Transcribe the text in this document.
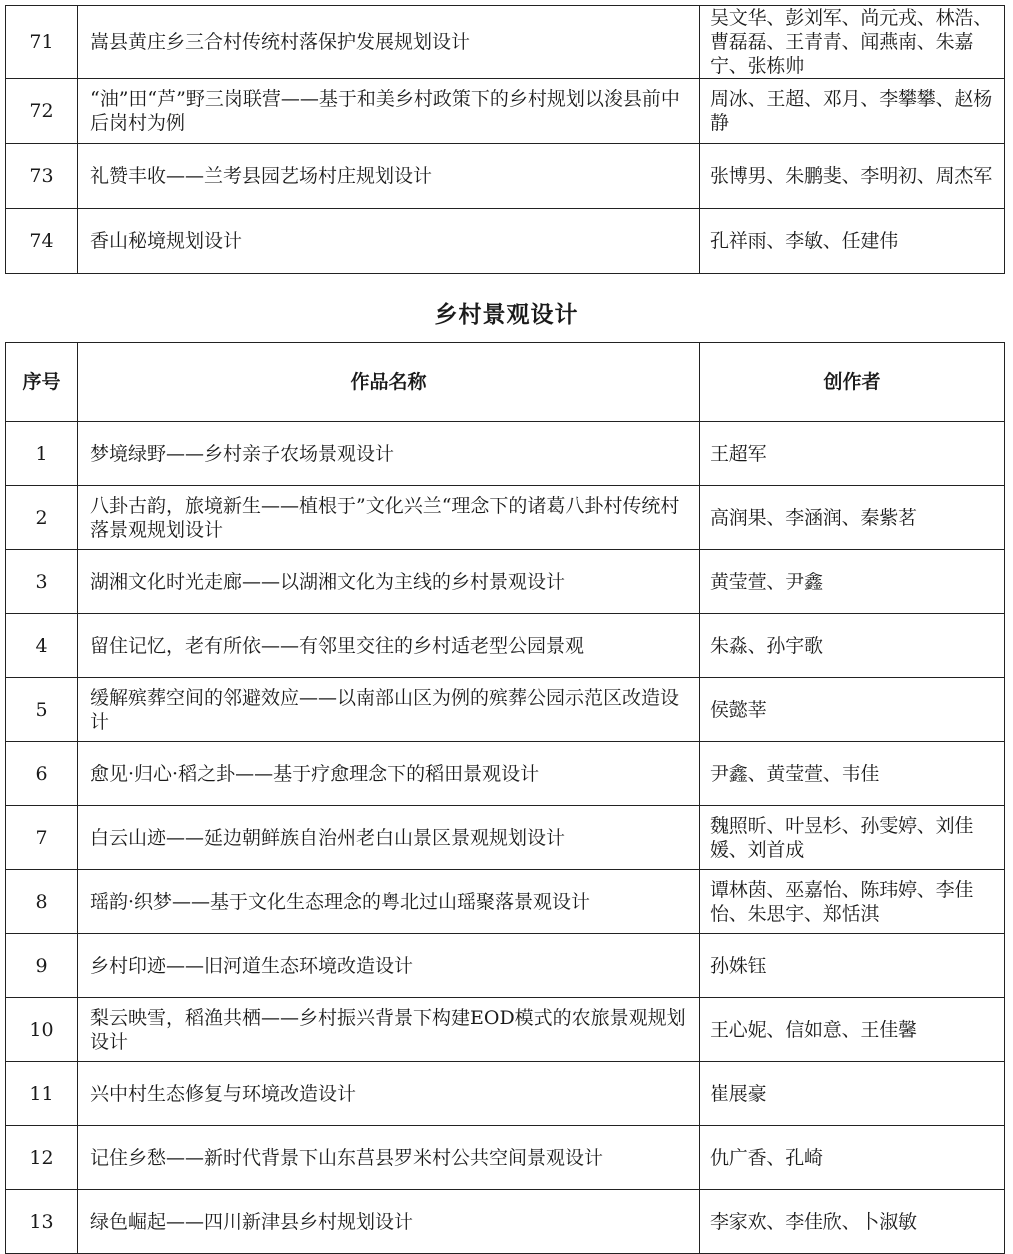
71	嵩县黄庄乡三合村传统村落保护发展规划设计	吴文华、彭刘军、尚元戎、林浩、曹磊磊、王青青、闻燕南、朱嘉宁、张栋帅
72	“油”田“芦”野三岗联营——基于和美乡村政策下的乡村规划以浚县前中后岗村为例	周冰、王超、邓月、李攀攀、赵杨静
73	礼赞丰收——兰考县园艺场村庄规划设计	张博男、朱鹏斐、李明初、周杰军
74	香山秘境规划设计	孔祥雨、李敏、任建伟
乡村景观设计
序号	作品名称	创作者
1	梦境绿野——乡村亲子农场景观设计	王超军
2	八卦古韵，旅境新生——植根于”文化兴兰“理念下的诸葛八卦村传统村落景观规划设计	高润果、李涵润、秦紫茗
3	湖湘文化时光走廊——以湖湘文化为主线的乡村景观设计	黄莹萱、尹鑫
4	留住记忆，老有所依——有邻里交往的乡村适老型公园景观	朱淼、孙宇歌
5	缓解殡葬空间的邻避效应——以南部山区为例的殡葬公园示范区改造设计	侯懿莘
6	愈见·归心·稻之卦——基于疗愈理念下的稻田景观设计	尹鑫、黄莹萱、韦佳
7	白云山迹——延边朝鲜族自治州老白山景区景观规划设计	魏照昕、叶昱杉、孙雯婷、刘佳媛、刘首成
8	瑶韵·织梦——基于文化生态理念的粤北过山瑶聚落景观设计	谭林茵、巫嘉怡、陈玮婷、李佳怡、朱思宇、郑恬淇
9	乡村印迹——旧河道生态环境改造设计	孙姝钰
10	梨云映雪，稻渔共栖——乡村振兴背景下构建EOD模式的农旅景观规划设计	王心妮、信如意、王佳馨
11	兴中村生态修复与环境改造设计	崔展豪
12	记住乡愁——新时代背景下山东莒县罗米村公共空间景观设计	仇广香、孔崎
13	绿色崛起——四川新津县乡村规划设计	李家欢、李佳欣、卜淑敏
